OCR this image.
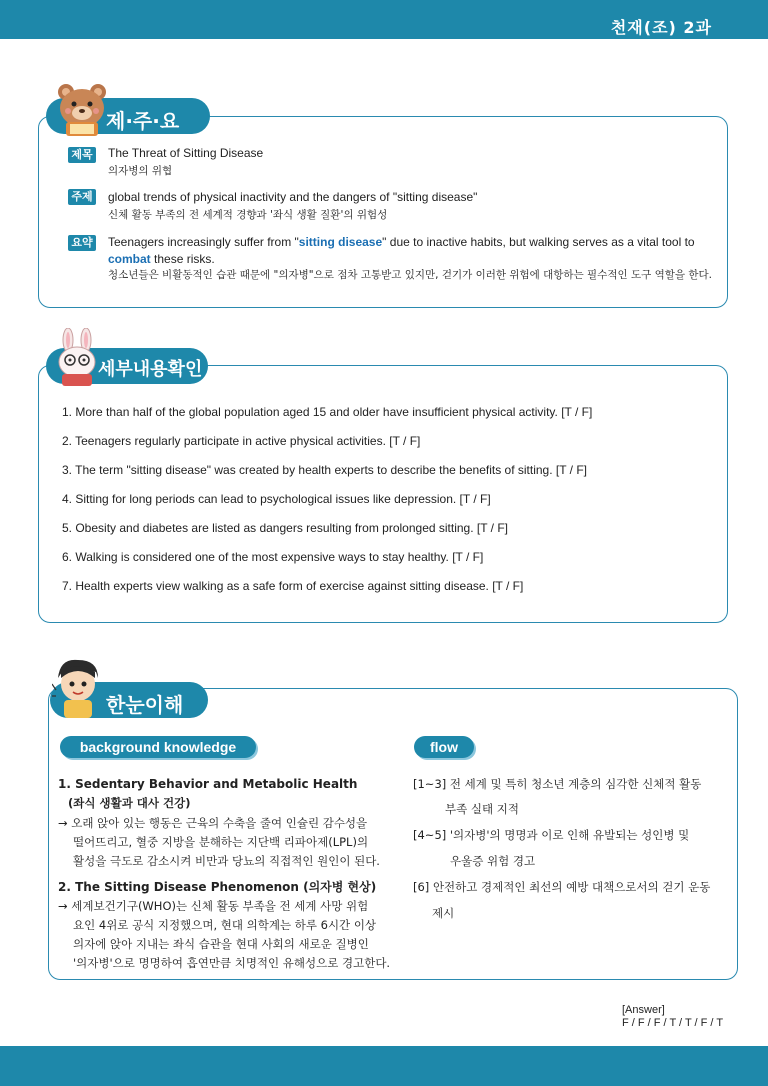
천재(조) 2과
제·주·요
제목 The Threat of Sitting Disease
의자병의 위협
주제 global trends of physical inactivity and the dangers of "sitting disease"
신체 활동 부족의 전 세계적 경향과 '좌식 생활 질환'의 위험성
요약 Teenagers increasingly suffer from "sitting disease" due to inactive habits, but walking serves as a vital tool to
combat these risks.
청소년들은 비활동적인 습관 때문에 "의자병"으로 점차 고통받고 있지만, 걷기가 이러한 위험에 대항하는 필수적인 도구 역할을 한다.
세부내용확인
1. More than half of the global population aged 15 and older have insufficient physical activity. [T / F]
2. Teenagers regularly participate in active physical activities. [T / F]
3. The term "sitting disease" was created by health experts to describe the benefits of sitting. [T / F]
4. Sitting for long periods can lead to psychological issues like depression. [T / F]
5. Obesity and diabetes are listed as dangers resulting from prolonged sitting. [T / F]
6. Walking is considered one of the most expensive ways to stay healthy. [T / F]
7. Health experts view walking as a safe form of exercise against sitting disease. [T / F]
한눈이해
background knowledge	flow
1. Sedentary Behavior and Metabolic Health
(좌식 생활과 대사 건강)
→ 오래 앉아 있는 행동은 근육의 수축을 줄여 인슐린 감수성을
떨어뜨리고, 혈중 지방을 분해하는 지단백 리파아제(LPL)의
활성을 극도로 감소시켜 비만과 당뇨의 직접적인 원인이 된다.
2. The Sitting Disease Phenomenon (의자병 현상)
→ 세계보건기구(WHO)는 신체 활동 부족을 전 세계 사망 위험
요인 4위로 공식 지정했으며, 현대 의학계는 하루 6시간 이상
의자에 앉아 지내는 좌식 습관을 현대 사회의 새로운 질병인
'의자병'으로 명명하여 흡연만큼 치명적인 유해성으로 경고한다.
[1~3] 전 세계 및 특히 청소년 계층의 심각한 신체적 활동
부족 실태 지적
[4~5] '의자병'의 명명과 이로 인해 유발되는 성인병 및
우울증 위험 경고
[6] 안전하고 경제적인 최선의 예방 대책으로서의 걷기 운동
제시
[Answer]
F / F / F / T / T / F / T
